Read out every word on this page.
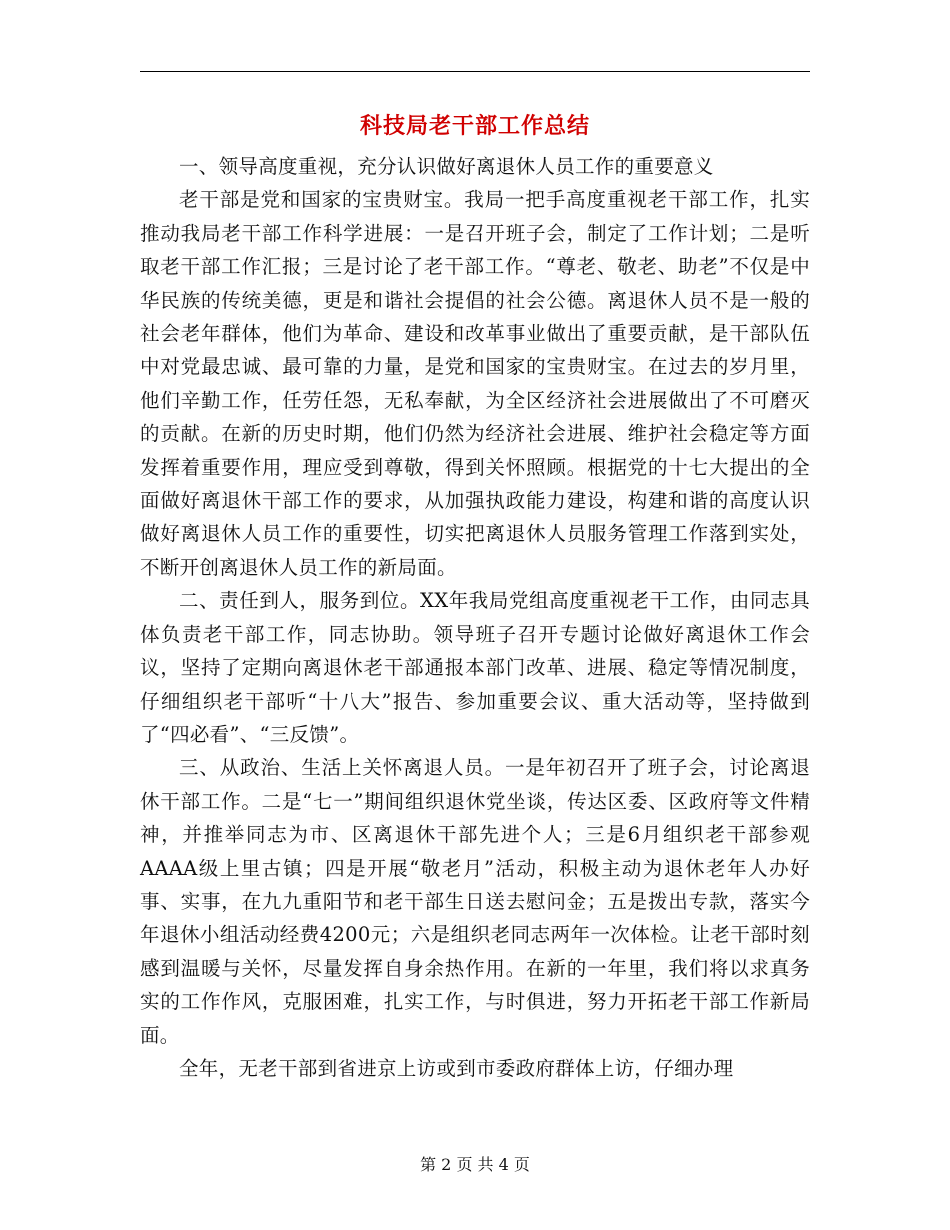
科技局老干部工作总结

一、领导高度重视，充分认识做好离退休人员工作的重要意义

老干部是党和国家的宝贵财宝。我局一把手高度重视老干部工作，扎实推动我局老干部工作科学进展：一是召开班子会，制定了工作计划；二是听取老干部工作汇报；三是讨论了老干部工作。“尊老、敬老、助老”不仅是中华民族的传统美德，更是和谐社会提倡的社会公德。离退休人员不是一般的社会老年群体，他们为革命、建设和改革事业做出了重要贡献，是干部队伍中对党最忠诚、最可靠的力量，是党和国家的宝贵财宝。在过去的岁月里，他们辛勤工作，任劳任怨，无私奉献，为全区经济社会进展做出了不可磨灭的贡献。在新的历史时期，他们仍然为经济社会进展、维护社会稳定等方面发挥着重要作用，理应受到尊敬，得到关怀照顾。根据党的十七大提出的全面做好离退休干部工作的要求，从加强执政能力建设，构建和谐的高度认识做好离退休人员工作的重要性，切实把离退休人员服务管理工作落到实处，不断开创离退休人员工作的新局面。

二、责任到人，服务到位。XX年我局党组高度重视老干工作，由同志具体负责老干部工作，同志协助。领导班子召开专题讨论做好离退休工作会议，坚持了定期向离退休老干部通报本部门改革、进展、稳定等情况制度，仔细组织老干部听“十八大”报告、参加重要会议、重大活动等，坚持做到了“四必看”、“三反馈”。

三、从政治、生活上关怀离退人员。一是年初召开了班子会，讨论离退休干部工作。二是“七一”期间组织退休党坐谈，传达区委、区政府等文件精神，并推举同志为市、区离退休干部先进个人；三是6月组织老干部参观AAAA级上里古镇；四是开展“敬老月”活动，积极主动为退休老年人办好事、实事，在九九重阳节和老干部生日送去慰问金；五是拨出专款，落实今年退休小组活动经费4200元；六是组织老同志两年一次体检。让老干部时刻感到温暖与关怀，尽量发挥自身余热作用。在新的一年里，我们将以求真务实的工作作风，克服困难，扎实工作，与时俱进，努力开拓老干部工作新局面。

全年，无老干部到省进京上访或到市委政府群体上访，仔细办理

第 2 页 共 4 页
